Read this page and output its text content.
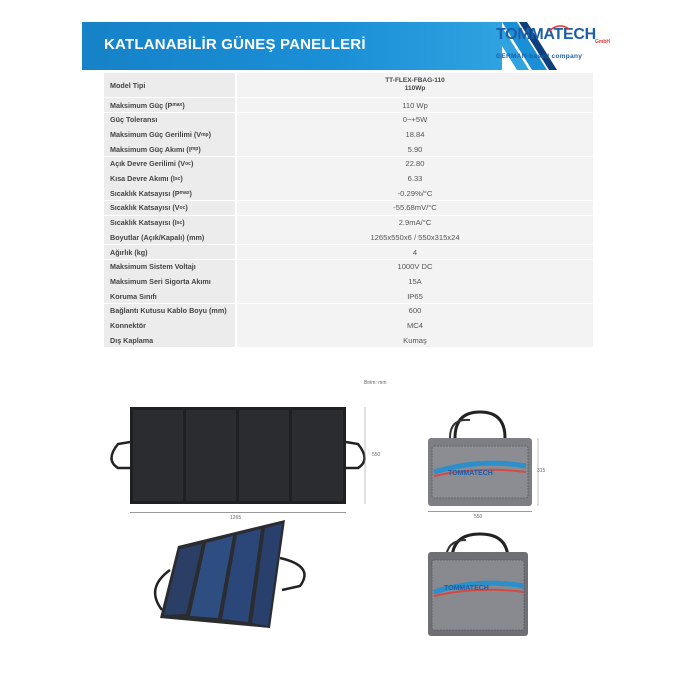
KATLANABİLİR GÜNEŞ PANELLERİ
TOMMATECH GmbH
GERMAN-based company
Model Tipi	TT-FLEX-FBAG-110
110Wp
Maksimum Güç (P max )	110 Wp
Güç Toleransı	0~+5W
Maksimum Güç Gerilimi (V mp )	18.84
Maksimum Güç Akımı (I mp )	5.90
Açık Devre Gerilimi (V oc )	22.80
Kısa Devre Akımı (I sc )	6.33
Sıcaklık Katsayısı (P max )	-0.29%/°C
Sıcaklık Katsayısı (V oc )	-55.68mV/°C
Sıcaklık Katsayısı (I sc )	2.9mA/°C
Boyutlar (Açık/Kapalı) (mm)	1265x550x6 / 550x315x24
Ağırlık (kg)	4
Maksimum Sistem Voltajı	1000V DC
Maksimum Seri Sigorta Akımı	15A
Koruma Sınıfı	IP65
Bağlantı Kutusu Kablo Boyu (mm)	600
Konnektör	MC4
Dış Kaplama	Kumaş
Birim: mm
550
1265
TOMMATECH	315
550
TOMMATECH
